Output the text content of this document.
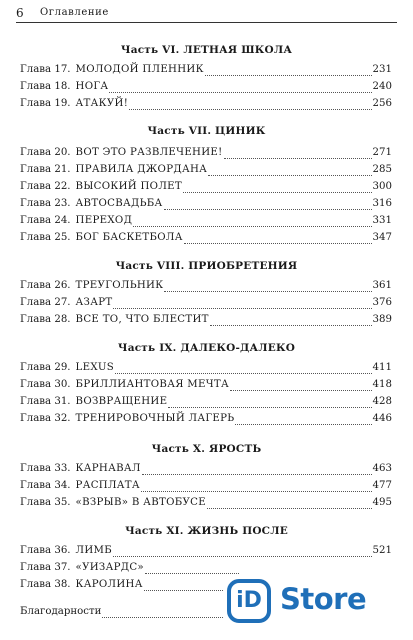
6 Оглавление
Часть VI. ЛЕТНАЯ ШКОЛА
Глава 17. МОЛОДОЙ ПЛЕННИК	231
Глава 18. НОГА	240
Глава 19. АТАКУЙ!	256
Часть VII. ЦИНИК
Глава 20. ВОТ ЭТО РАЗВЛЕЧЕНИЕ!	271
Глава 21. ПРАВИЛА ДЖОРДАНА	285
Глава 22. ВЫСОКИЙ ПОЛЕТ	300
Глава 23. АВТОСВАДЬБА	316
Глава 24. ПЕРЕХОД	331
Глава 25. БОГ БАСКЕТБОЛА	347
Часть VIII. ПРИОБРЕТЕНИЯ
Глава 26. ТРЕУГОЛЬНИК	361
Глава 27. АЗАРТ	376
Глава 28. ВСЕ ТО, ЧТО БЛЕСТИТ	389
Часть IX. ДАЛЕКО-ДАЛЕКО
Глава 29. LEXUS	411
Глава 30. БРИЛЛИАНТОВАЯ МЕЧТА	418
Глава 31. ВОЗВРАЩЕНИЕ	428
Глава 32. ТРЕНИРОВОЧНЫЙ ЛАГЕРЬ	446
Часть X. ЯРОСТЬ
Глава 33. КАРНАВАЛ	463
Глава 34. РАСПЛАТА	477
Глава 35. «ВЗРЫВ» В АВТОБУСЕ	495
Часть XI. ЖИЗНЬ ПОСЛЕ
Глава 36. ЛИМБ	521
Глава 37. «УИЗАРДС»
Глава 38. КАРОЛИНА
Благодарности	iD Store
